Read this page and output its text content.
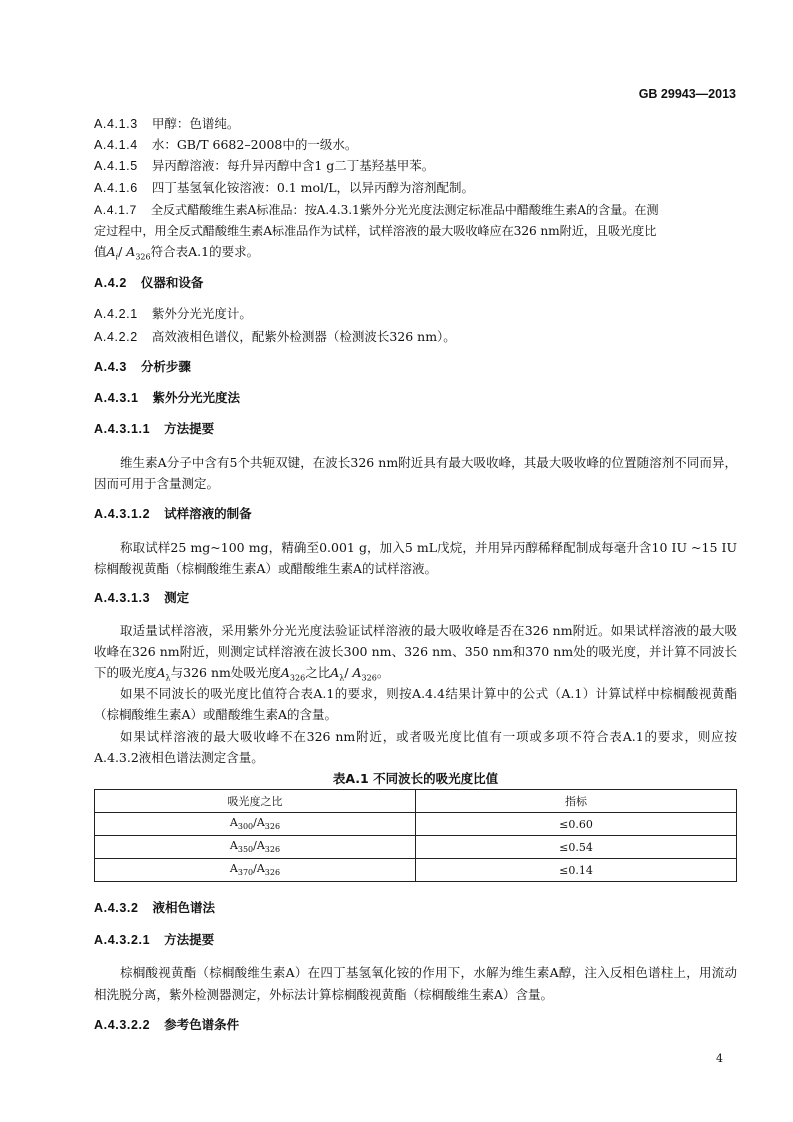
GB 29943—2013
A.4.1.3 甲醇：色谱纯。
A.4.1.4 水：GB/T 6682–2008中的一级水。
A.4.1.5 异丙醇溶液：每升异丙醇中含1 g二丁基羟基甲苯。
A.4.1.6 四丁基氢氧化铵溶液：0.1 mol/L，以异丙醇为溶剂配制。
A.4.1.7 全反式醋酸维生素A标准品：按A.4.3.1紫外分光光度法测定标准品中醋酸维生素A的含量。在测
定过程中，用全反式醋酸维生素A标准品作为试样，试样溶液的最大吸收峰应在326 nm附近，且吸光度比
值$A_i/$ $A_{326}$符合表A.1的要求。
A.4.2 仪器和设备
A.4.2.1 紫外分光光度计。
A.4.2.2 高效液相色谱仪，配紫外检测器（检测波长326 nm）。
A.4.3 分析步骤
A.4.3.1 紫外分光光度法
A.4.3.1.1 方法提要
维生素A分子中含有5个共轭双键，在波长326 nm附近具有最大吸收峰，其最大吸收峰的位置随溶剂不同而异，因而可用于含量测定。
A.4.3.1.2 试样溶液的制备
称取试样25 mg~100 mg，精确至0.001 g，加入5 mL戊烷，并用异丙醇稀释配制成每毫升含10 IU ~15 IU棕榈酸视黄酯（棕榈酸维生素A）或醋酸维生素A的试样溶液。
A.4.3.1.3 测定
取适量试样溶液，采用紫外分光光度法验证试样溶液的最大吸收峰是否在326 nm附近。如果试样溶液的最大吸收峰在326 nm附近，则测定试样溶液在波长300 nm、326 nm、350 nm和370 nm处的吸光度，并计算不同波长下的吸光度$A_\lambda$与326 nm处吸光度$A_{326}$之比$A_\lambda/$ $A_{326}$。
如果不同波长的吸光度比值符合表A.1的要求，则按A.4.4结果计算中的公式（A.1）计算试样中棕榈酸视黄酯（棕榈酸维生素A）或醋酸维生素A的含量。
如果试样溶液的最大吸收峰不在326 nm附近，或者吸光度比值有一项或多项不符合表A.1的要求，则应按A.4.3.2液相色谱法测定含量。
表A.1 不同波长的吸光度比值
吸光度之比	指标
$A_{300}/A_{326}$	≤0.60
$A_{350}/A_{326}$	≤0.54
$A_{370}/A_{326}$	≤0.14
A.4.3.2 液相色谱法
A.4.3.2.1 方法提要
棕榈酸视黄酯（棕榈酸维生素A）在四丁基氢氧化铵的作用下，水解为维生素A醇，注入反相色谱柱上，用流动相洗脱分离，紫外检测器测定，外标法计算棕榈酸视黄酯（棕榈酸维生素A）含量。
A.4.3.2.2 参考色谱条件
4
